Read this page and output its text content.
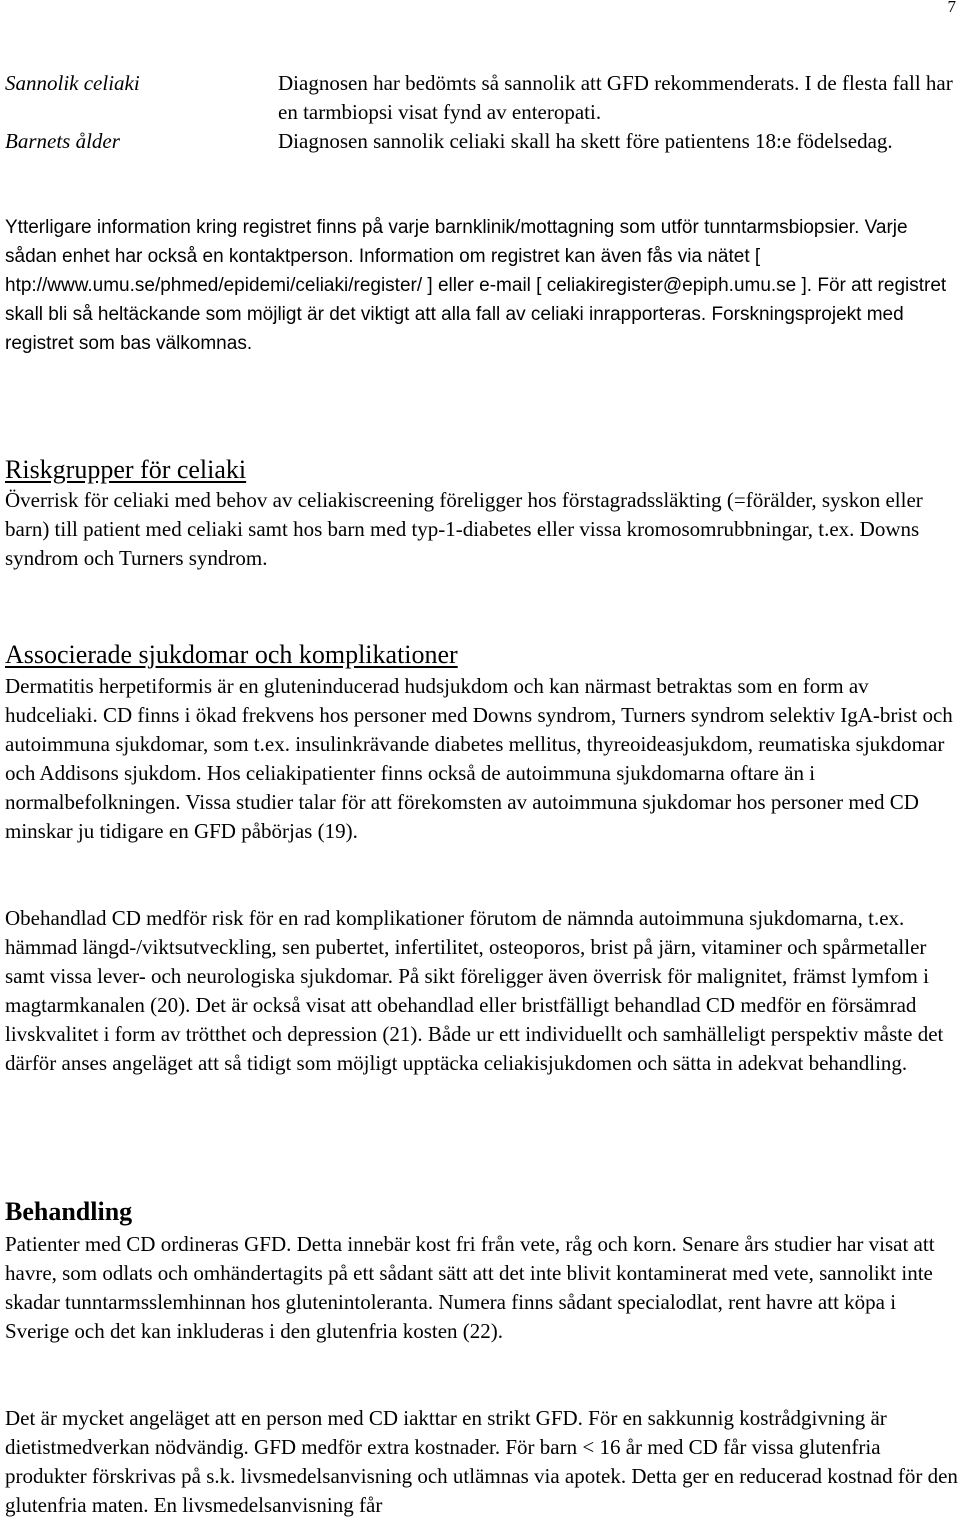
7
Sannolik celiaki	Diagnosen har bedömts så sannolik att GFD rekommenderats. I de flesta fall har en tarmbiopsi visat fynd av enteropati.
Barnets ålder	Diagnosen sannolik celiaki skall ha skett före patientens 18:e födelsedag.

Ytterligare information kring registret finns på varje barnklinik/mottagning som utför tunntarmsbiopsier. Varje sådan enhet har också en kontaktperson. Information om registret kan även fås via nätet [ htp://www.umu.se/phmed/epidemi/celiaki/register/ ] eller e-mail [ celiakiregister@epiph.umu.se ]. För att registret skall bli så heltäckande som möjligt är det viktigt att alla fall av celiaki inrapporteras. Forskningsprojekt med registret som bas välkomnas.

Riskgrupper för celiaki

Överrisk för celiaki med behov av celiakiscreening föreligger hos förstagradssläkting (=förälder, syskon eller barn) till patient med celiaki samt hos barn med typ-1-diabetes eller vissa kromosomrubbningar, t.ex. Downs syndrom och Turners syndrom.

Associerade sjukdomar och komplikationer

Dermatitis herpetiformis är en gluteninducerad hudsjukdom och kan närmast betraktas som en form av hudceliaki. CD finns i ökad frekvens hos personer med Downs syndrom, Turners syndrom selektiv IgA-brist och autoimmuna sjukdomar, som t.ex. insulinkrävande diabetes mellitus, thyreoideasjukdom, reumatiska sjukdomar och Addisons sjukdom. Hos celiakipatienter finns också de autoimmuna sjukdomarna oftare än i normalbefolkningen. Vissa studier talar för att förekomsten av autoimmuna sjukdomar hos personer med CD minskar ju tidigare en GFD påbörjas (19).

Obehandlad CD medför risk för en rad komplikationer förutom de nämnda autoimmuna sjukdomarna, t.ex. hämmad längd-/viktsutveckling, sen pubertet, infertilitet, osteoporos, brist på järn, vitaminer och spårmetaller samt vissa lever- och neurologiska sjukdomar. På sikt föreligger även överrisk för malignitet, främst lymfom i magtarmkanalen (20). Det är också visat att obehandlad eller bristfälligt behandlad CD medför en försämrad livskvalitet i form av trötthet och depression (21). Både ur ett individuellt och samhälleligt perspektiv måste det därför anses angeläget att så tidigt som möjligt upptäcka celiakisjukdomen och sätta in adekvat behandling.

Behandling

Patienter med CD ordineras GFD. Detta innebär kost fri från vete, råg och korn. Senare års studier har visat att havre, som odlats och omhändertagits på ett sådant sätt att det inte blivit kontaminerat med vete, sannolikt inte skadar tunntarmsslemhinnan hos glutenintoleranta. Numera finns sådant specialodlat, rent havre att köpa i Sverige och det kan inkluderas i den glutenfria kosten (22).

Det är mycket angeläget att en person med CD iakttar en strikt GFD. För en sakkunnig kostrådgivning är dietistmedverkan nödvändig. GFD medför extra kostnader. För barn < 16 år med CD får vissa glutenfria produkter förskrivas på s.k. livsmedelsanvisning och utlämnas via apotek. Detta ger en reducerad kostnad för den glutenfria maten. En livsmedelsanvisning får
